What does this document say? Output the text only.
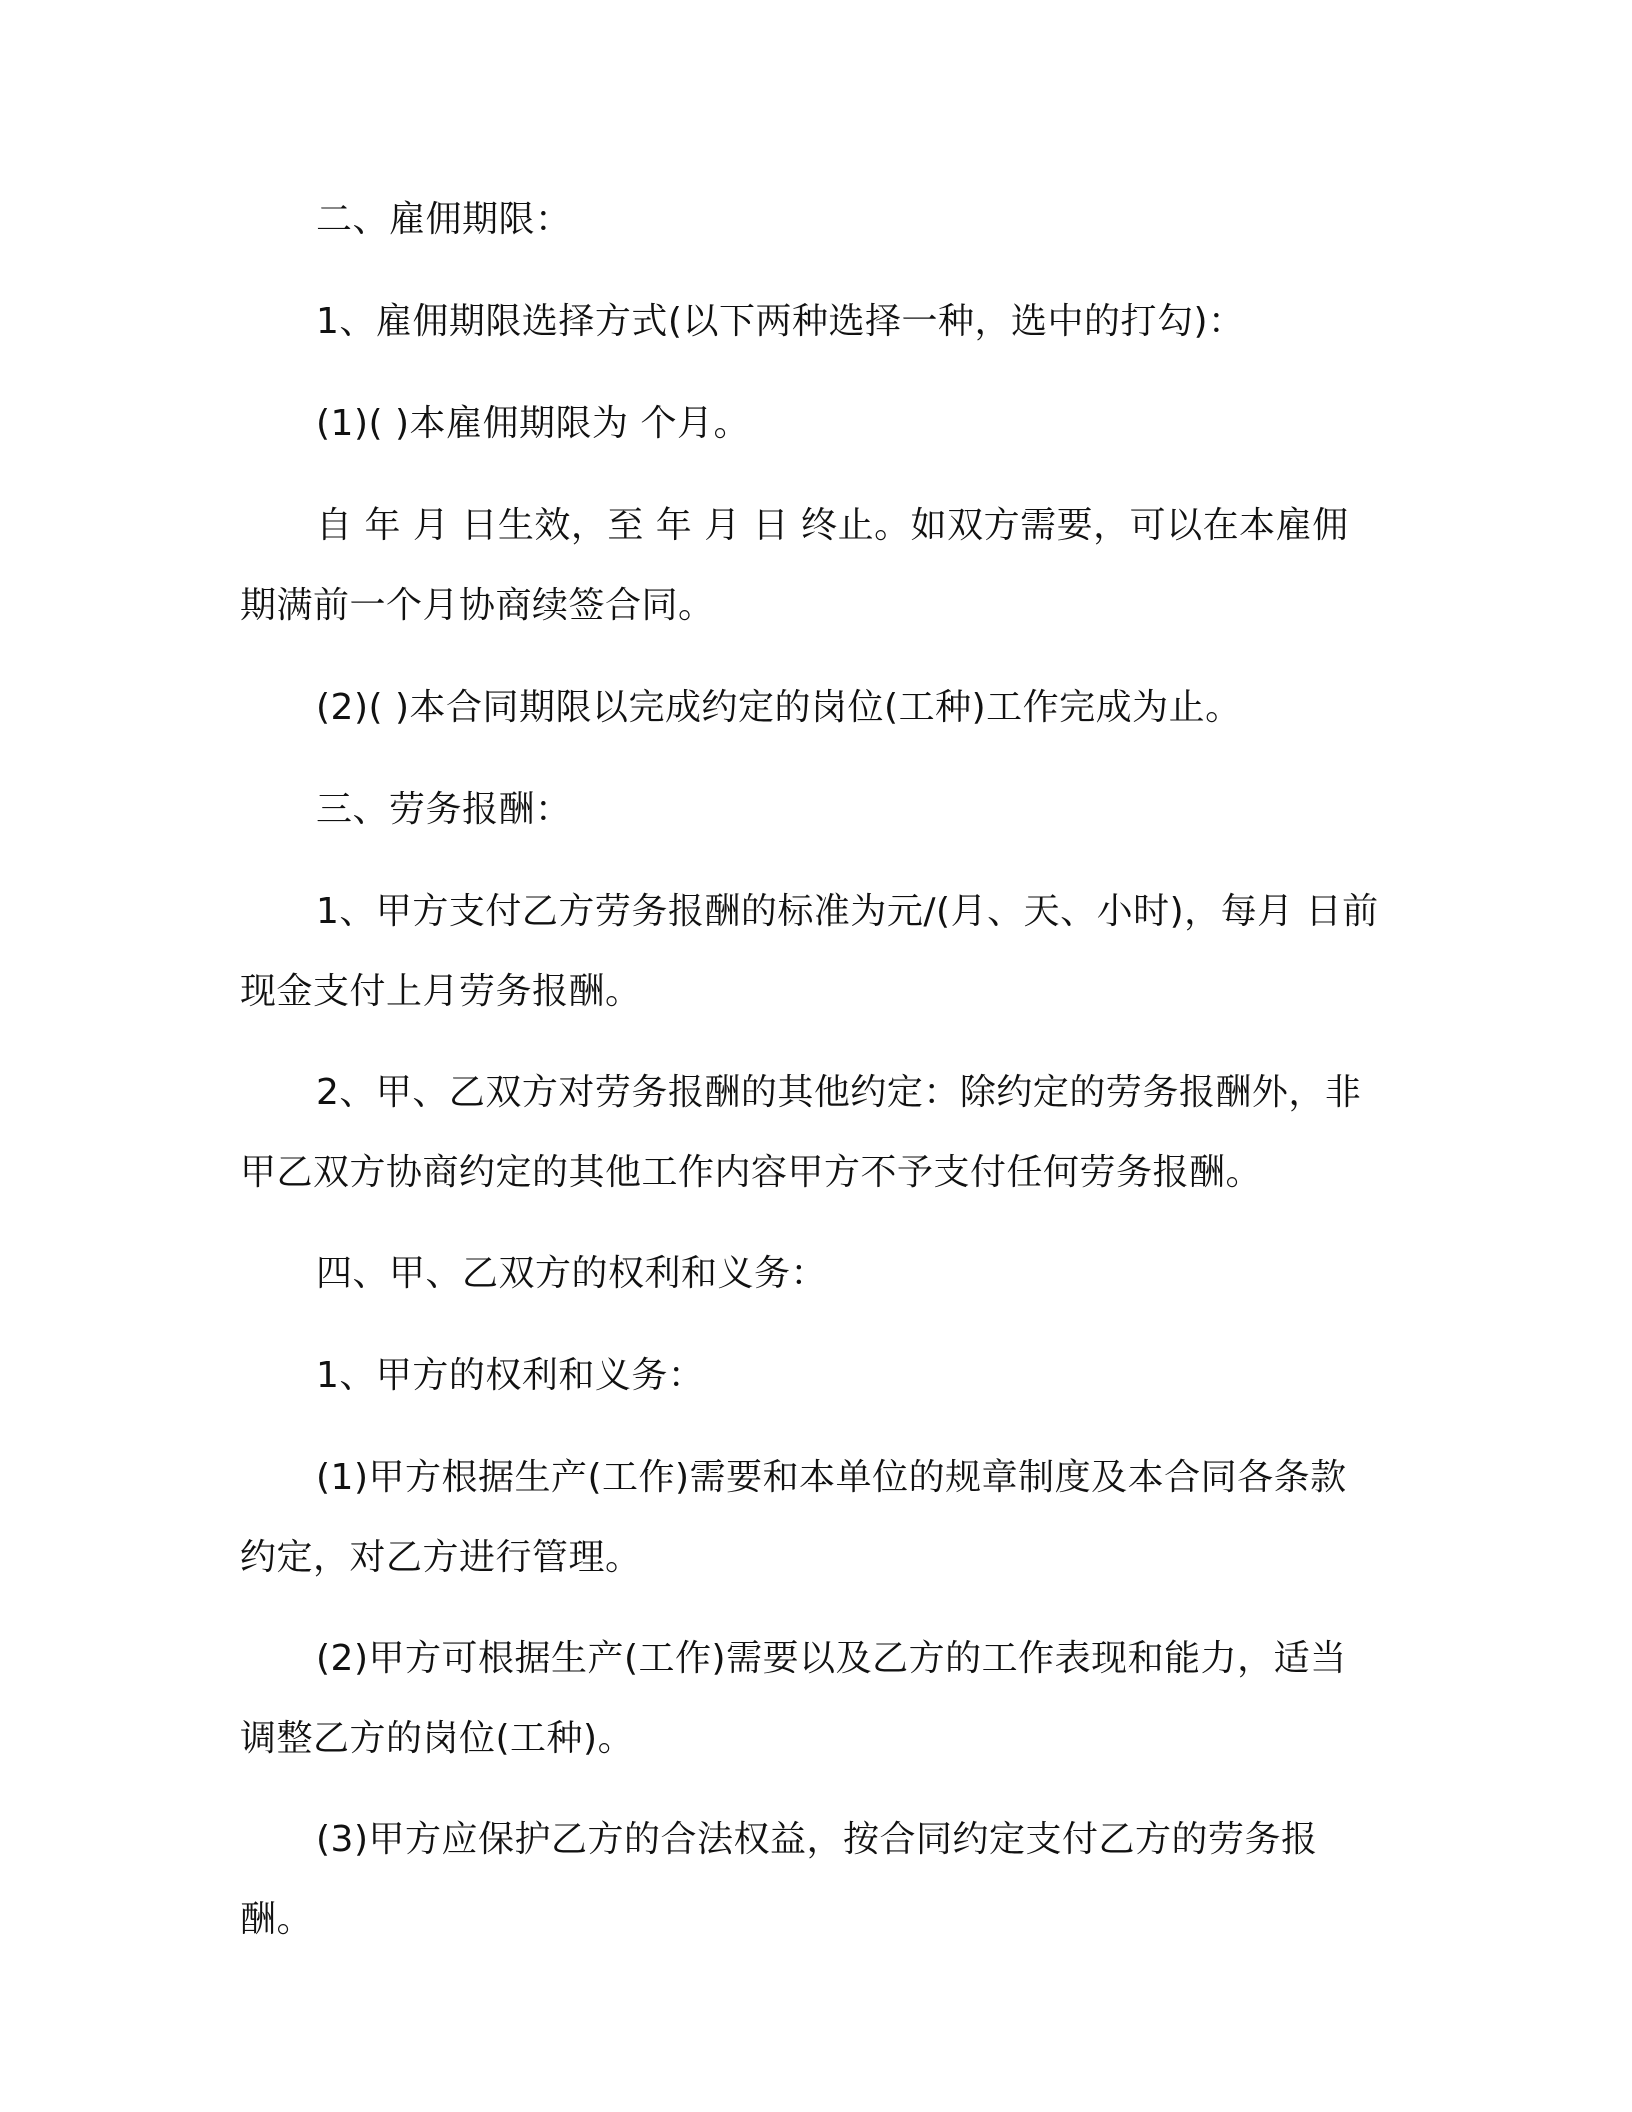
二、雇佣期限：

1、雇佣期限选择方式(以下两种选择一种，选中的打勾)：

(1)( )本雇佣期限为 个月。

自 年 月 日生效，至 年 月 日 终止。如双方需要，可以在本雇佣期满前一个月协商续签合同。

(2)( )本合同期限以完成约定的岗位(工种)工作完成为止。

三、劳务报酬：

1、甲方支付乙方劳务报酬的标准为元/(月、天、小时)，每月 日前现金支付上月劳务报酬。

2、甲、乙双方对劳务报酬的其他约定：除约定的劳务报酬外，非甲乙双方协商约定的其他工作内容甲方不予支付任何劳务报酬。

四、甲、乙双方的权利和义务：

1、甲方的权利和义务：

(1)甲方根据生产(工作)需要和本单位的规章制度及本合同各条款约定，对乙方进行管理。

(2)甲方可根据生产(工作)需要以及乙方的工作表现和能力，适当调整乙方的岗位(工种)。

(3)甲方应保护乙方的合法权益，按合同约定支付乙方的劳务报酬。
